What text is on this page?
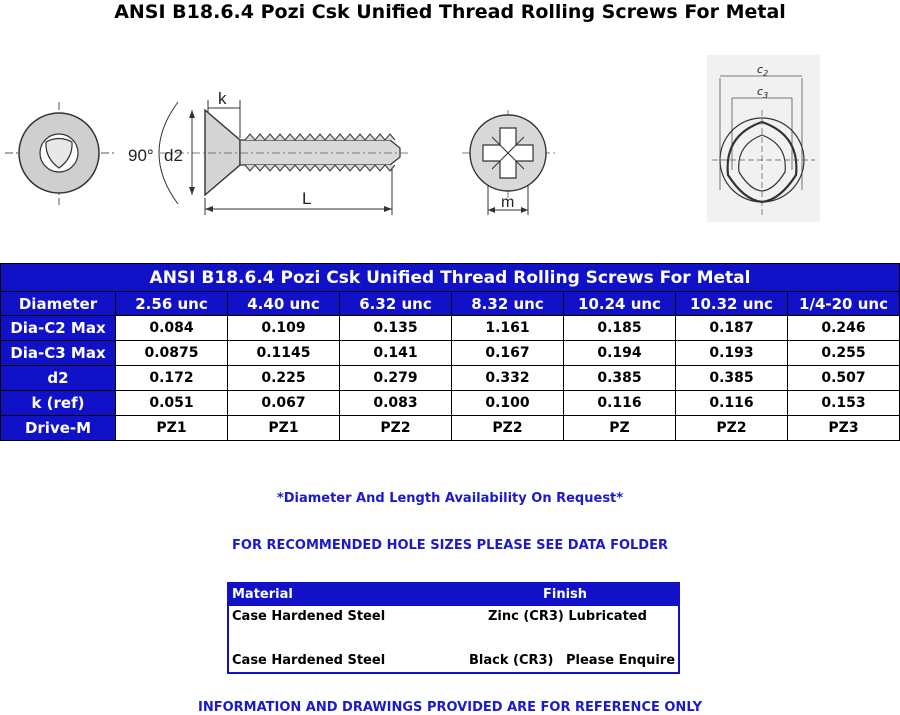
ANSI B18.6.4 Pozi Csk Unified Thread Rolling Screws For Metal
90° d2
k
L	m
$c_2$
$c_3$
ANSI B18.6.4 Pozi Csk Unified Thread Rolling Screws For Metal							
Diameter	2.56 unc	4.40 unc	6.32 unc	8.32 unc	10.24 unc	10.32 unc	1/4-20 unc
Dia-C2 Max	0.084	0.109	0.135	1.161	0.185	0.187	0.246
Dia-C3 Max	0.0875	0.1145	0.141	0.167	0.194	0.193	0.255
d2	0.172	0.225	0.279	0.332	0.385	0.385	0.507
k (ref)	0.051	0.067	0.083	0.100	0.116	0.116	0.153
Drive-M	PZ1	PZ1	PZ2	PZ2	PZ	PZ2	PZ3
*Diameter And Length Availability On Request*
FOR RECOMMENDED HOLE SIZES PLEASE SEE DATA FOLDER
Material	Finish
Case Hardened Steel	Zinc (CR3) Lubricated
Case Hardened Steel	Black (CR3) Please Enquire
INFORMATION AND DRAWINGS PROVIDED ARE FOR REFERENCE ONLY
